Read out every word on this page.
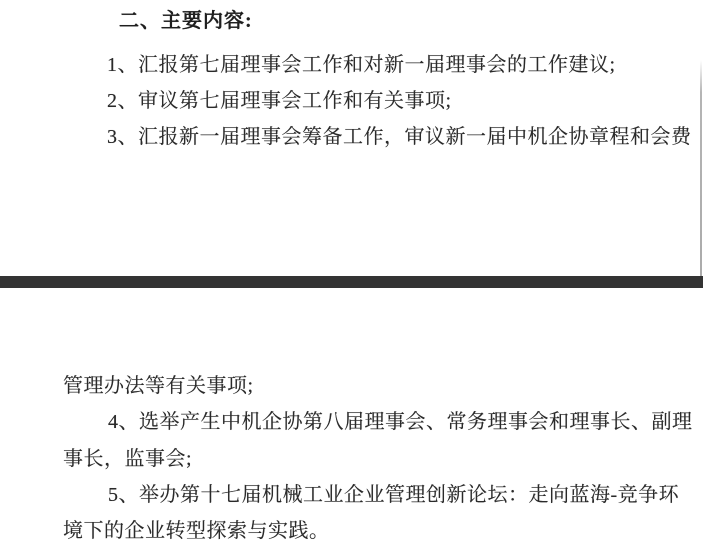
二、主要内容:

1、汇报第七届理事会工作和对新一届理事会的工作建议;

2、审议第七届理事会工作和有关事项;

3、汇报新一届理事会筹备工作，审议新一届中机企协章程和会费

管理办法等有关事项;

4、选举产生中机企协第八届理事会、常务理事会和理事长、副理

事长，监事会;

5、举办第十七届机械工业企业管理创新论坛：走向蓝海-竞争环

境下的企业转型探索与实践。
